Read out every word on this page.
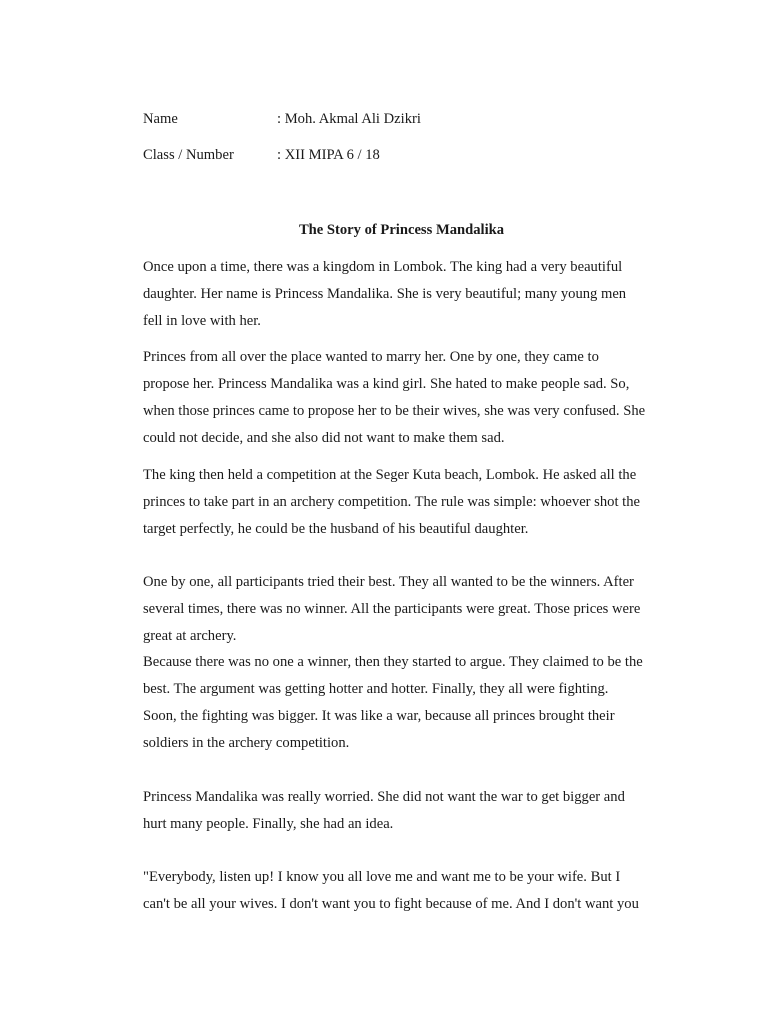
Name	: Moh. Akmal Ali Dzikri
Class / Number	: XII MIPA 6 / 18
The Story of Princess Mandalika
Once upon a time, there was a kingdom in Lombok. The king had a very beautiful
daughter. Her name is Princess Mandalika. She is very beautiful; many young men
fell in love with her.
Princes from all over the place wanted to marry her. One by one, they came to
propose her. Princess Mandalika was a kind girl. She hated to make people sad. So,
when those princes came to propose her to be their wives, she was very confused. She
could not decide, and she also did not want to make them sad.
The king then held a competition at the Seger Kuta beach, Lombok. He asked all the
princes to take part in an archery competition. The rule was simple: whoever shot the
target perfectly, he could be the husband of his beautiful daughter.
One by one, all participants tried their best. They all wanted to be the winners. After
several times, there was no winner. All the participants were great. Those prices were
great at archery.
Because there was no one a winner, then they started to argue. They claimed to be the
best. The argument was getting hotter and hotter. Finally, they all were fighting.
Soon, the fighting was bigger. It was like a war, because all princes brought their
soldiers in the archery competition.
Princess Mandalika was really worried. She did not want the war to get bigger and
hurt many people. Finally, she had an idea.
"Everybody, listen up! I know you all love me and want me to be your wife. But I
can't be all your wives. I don't want you to fight because of me. And I don't want you
